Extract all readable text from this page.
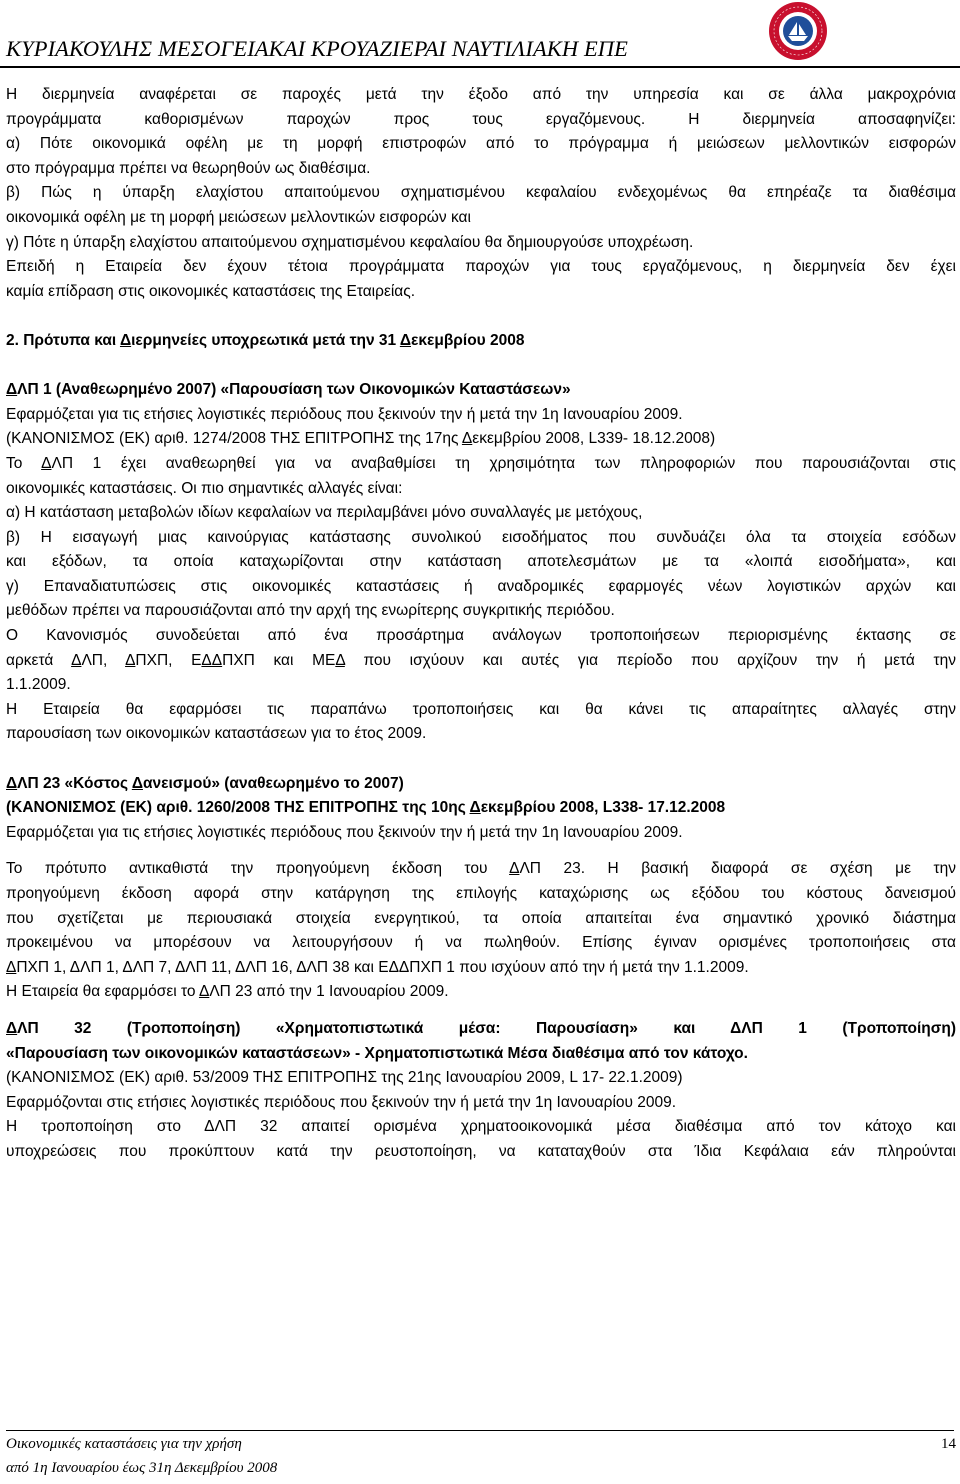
ΚΥΡΙΑΚΟΥΛΗΣ ΜΕΣΟΓΕΙΑΚΑΙ ΚΡΟΥΑΖΙΕΡΑΙ ΝΑΥΤΙΛΙΑΚΗ ΕΠΕ

Η διερμηνεία αναφέρεται σε παροχές μετά την έξοδο από την υπηρεσία και σε άλλα μακροχρόνια

προγράμματα καθορισμένων παροχών προς τους εργαζόμενους. Η διερμηνεία αποσαφηνίζει:

α) Πότε οικονομικά οφέλη με τη μορφή επιστροφών από το πρόγραμμα ή μειώσεων μελλοντικών εισφορών

στο πρόγραμμα πρέπει να θεωρηθούν ως διαθέσιμα.

β) Πώς η ύπαρξη ελαχίστου απαιτούμενου σχηματισμένου κεφαλαίου ενδεχομένως θα επηρέαζε τα διαθέσιμα

οικονομικά οφέλη με τη μορφή μειώσεων μελλοντικών εισφορών και

γ) Πότε η ύπαρξη ελαχίστου απαιτούμενου σχηματισμένου κεφαλαίου θα δημιουργούσε υποχρέωση.

Επειδή η Εταιρεία δεν έχουν τέτοια προγράμματα παροχών για τους εργαζόμενους, η διερμηνεία δεν έχει

καμία επίδραση στις οικονομικές καταστάσεις της Εταιρείας.

2. Πρότυπα και Διερμηνείες υποχρεωτικά μετά την 31 Δεκεμβρίου 2008

ΔΛΠ 1 (Αναθεωρημένο 2007) «Παρουσίαση των Οικονομικών Καταστάσεων»

Εφαρμόζεται για τις ετήσιες λογιστικές περιόδους που ξεκινούν την ή μετά την 1η Ιανουαρίου 2009.

(ΚΑΝΟΝΙΣΜΟΣ (ΕΚ) αριθ. 1274/2008 ΤΗΣ ΕΠΙΤΡΟΠΗΣ της 17ης Δεκεμβρίου 2008, L339- 18.12.2008)

Το ΔΛΠ 1 έχει αναθεωρηθεί για να αναβαθμίσει τη χρησιμότητα των πληροφοριών που παρουσιάζονται στις

οικονομικές καταστάσεις. Οι πιο σημαντικές αλλαγές είναι:

α) Η κατάσταση μεταβολών ιδίων κεφαλαίων να περιλαμβάνει μόνο συναλλαγές με μετόχους,

β) Η εισαγωγή μιας καινούργιας κατάστασης συνολικού εισοδήματος που συνδυάζει όλα τα στοιχεία εσόδων

και εξόδων, τα οποία καταχωρίζονται στην κατάσταση αποτελεσμάτων με τα «λοιπά εισοδήματα», και

γ) Επαναδιατυπώσεις στις οικονομικές καταστάσεις ή αναδρομικές εφαρμογές νέων λογιστικών αρχών και

μεθόδων πρέπει να παρουσιάζονται από την αρχή της ενωρίτερης συγκριτικής περιόδου.

Ο Κανονισμός συνοδεύεται από ένα προσάρτημα ανάλογων τροποποιήσεων περιορισμένης έκτασης σε

αρκετά ΔΛΠ, ΔΠΧΠ, ΕΔΔΠΧΠ και ΜΕΔ που ισχύουν και αυτές για περίοδο που αρχίζουν την ή μετά την

1.1.2009.

Η Εταιρεία θα εφαρμόσει τις παραπάνω τροποποιήσεις και θα κάνει τις απαραίτητες αλλαγές στην

παρουσίαση των οικονομικών καταστάσεων για το έτος 2009.

ΔΛΠ 23 «Κόστος Δανεισμού» (αναθεωρημένο το 2007)

(ΚΑΝΟΝΙΣΜΟΣ (ΕΚ) αριθ. 1260/2008 ΤΗΣ ΕΠΙΤΡΟΠΗΣ της 10ης Δεκεμβρίου 2008, L338- 17.12.2008

Εφαρμόζεται για τις ετήσιες λογιστικές περιόδους που ξεκινούν την ή μετά την 1η Ιανουαρίου 2009.

Το πρότυπο αντικαθιστά την προηγούμενη έκδοση του ΔΛΠ 23. Η βασική διαφορά σε σχέση με την

προηγούμενη έκδοση αφορά στην κατάργηση της επιλογής καταχώρισης ως εξόδου του κόστους δανεισμού

που σχετίζεται με περιουσιακά στοιχεία ενεργητικού, τα οποία απαιτείται ένα σημαντικό χρονικό διάστημα

προκειμένου να μπορέσουν να λειτουργήσουν ή να πωληθούν. Επίσης έγιναν ορισμένες τροποποιήσεις στα

ΔΠΧΠ 1, ΔΛΠ 1, ΔΛΠ 7, ΔΛΠ 11, ΔΛΠ 16, ΔΛΠ 38 και ΕΔΔΠΧΠ 1 που ισχύουν από την ή μετά την 1.1.2009.

Η Εταιρεία θα εφαρμόσει το ΔΛΠ 23 από την 1 Ιανουαρίου 2009.

ΔΛΠ 32 (Τροποποίηση) «Χρηματοπιστωτικά μέσα: Παρουσίαση» και ΔΛΠ 1 (Τροποποίηση)

«Παρουσίαση των οικονομικών καταστάσεων» - Χρηματοπιστωτικά Μέσα διαθέσιμα από τον κάτοχο.

(ΚΑΝΟΝΙΣΜΟΣ (ΕΚ) αριθ. 53/2009 ΤΗΣ ΕΠΙΤΡΟΠΗΣ της 21ης Ιανουαρίου 2009, L 17- 22.1.2009)

Εφαρμόζονται στις ετήσιες λογιστικές περιόδους που ξεκινούν την ή μετά την 1η Ιανουαρίου 2009.

Η τροποποίηση στο ΔΛΠ 32 απαιτεί ορισμένα χρηματοοικονομικά μέσα διαθέσιμα από τον κάτοχο και

υποχρεώσεις που προκύπτουν κατά την ρευστοποίηση, να καταταχθούν στα Ίδια Κεφάλαια εάν πληρούνται

Οικονομικές καταστάσεις για την χρήση	14
από 1η Ιανουαρίου έως 31η Δεκεμβρίου 2008
